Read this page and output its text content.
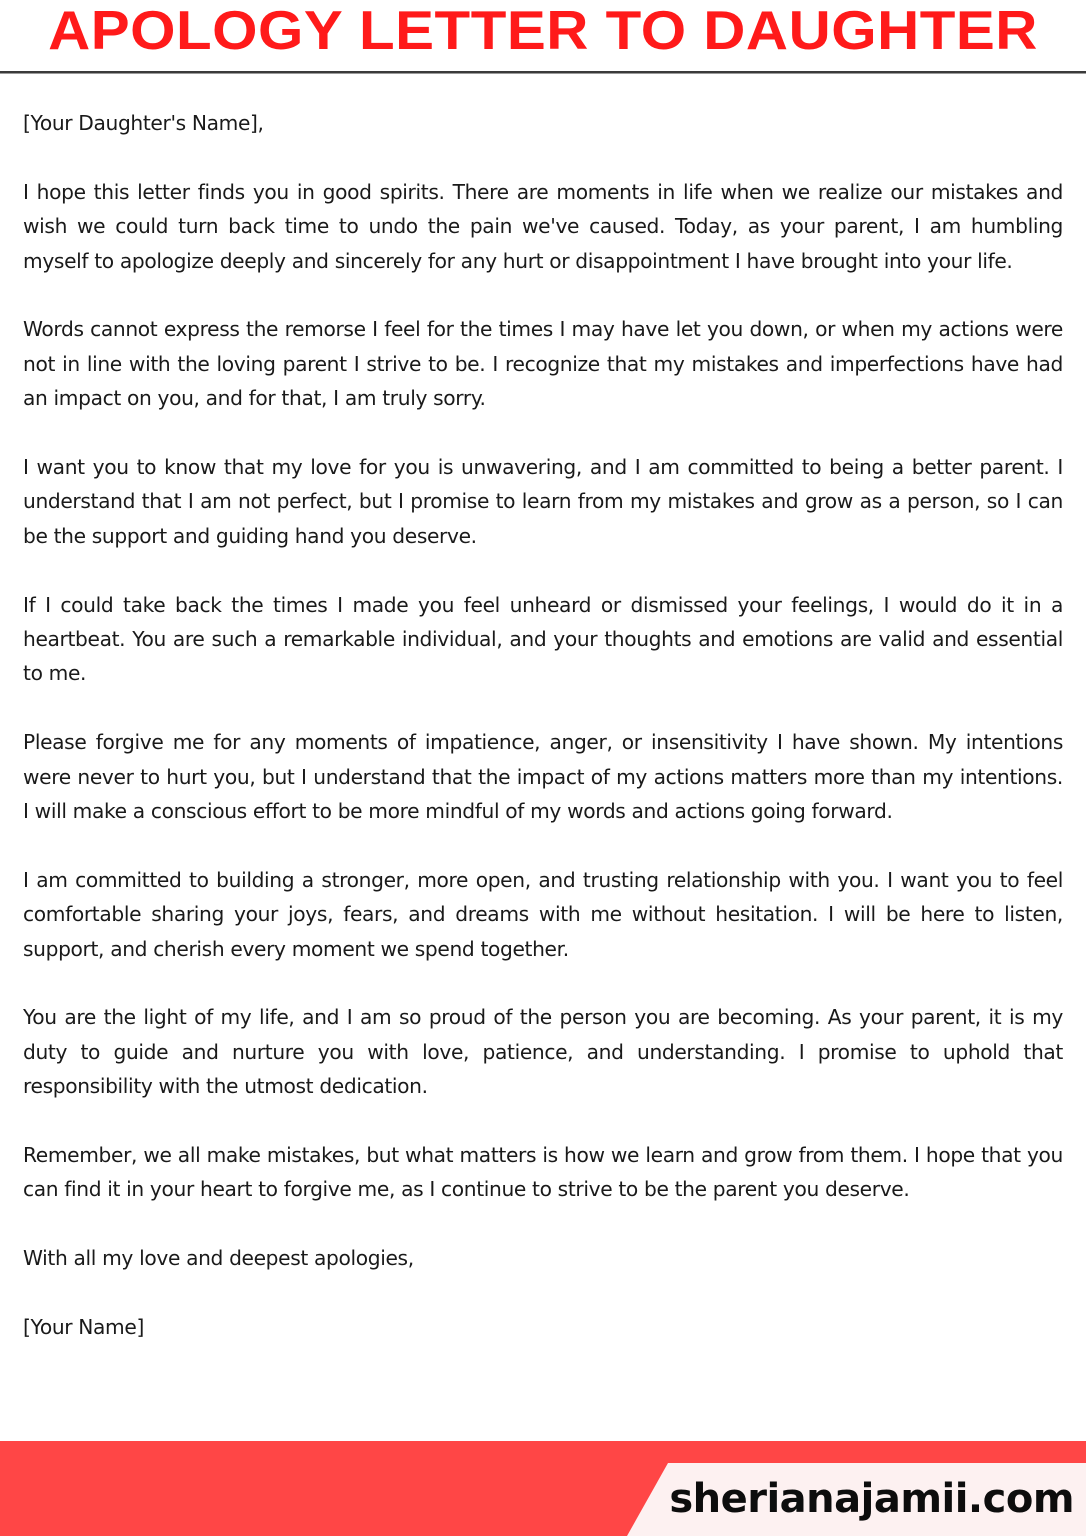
APOLOGY LETTER TO DAUGHTER

[Your Daughter's Name],

I hope this letter finds you in good spirits. There are moments in life when we realize our mistakes and wish we could turn back time to undo the pain we've caused. Today, as your parent, I am humbling myself to apologize deeply and sincerely for any hurt or disappointment I have brought into your life.

Words cannot express the remorse I feel for the times I may have let you down, or when my actions were not in line with the loving parent I strive to be. I recognize that my mistakes and imperfections have had an impact on you, and for that, I am truly sorry.

I want you to know that my love for you is unwavering, and I am committed to being a better parent. I understand that I am not perfect, but I promise to learn from my mistakes and grow as a person, so I can be the support and guiding hand you deserve.

If I could take back the times I made you feel unheard or dismissed your feelings, I would do it in a heartbeat. You are such a remarkable individual, and your thoughts and emotions are valid and essential to me.

Please forgive me for any moments of impatience, anger, or insensitivity I have shown. My intentions were never to hurt you, but I understand that the impact of my actions matters more than my intentions. I will make a conscious effort to be more mindful of my words and actions going forward.

I am committed to building a stronger, more open, and trusting relationship with you. I want you to feel comfortable sharing your joys, fears, and dreams with me without hesitation. I will be here to listen, support, and cherish every moment we spend together.

You are the light of my life, and I am so proud of the person you are becoming. As your parent, it is my duty to guide and nurture you with love, patience, and understanding. I promise to uphold that responsibility with the utmost dedication.

Remember, we all make mistakes, but what matters is how we learn and grow from them. I hope that you can find it in your heart to forgive me, as I continue to strive to be the parent you deserve.

With all my love and deepest apologies,

[Your Name]

sherianajamii.com
